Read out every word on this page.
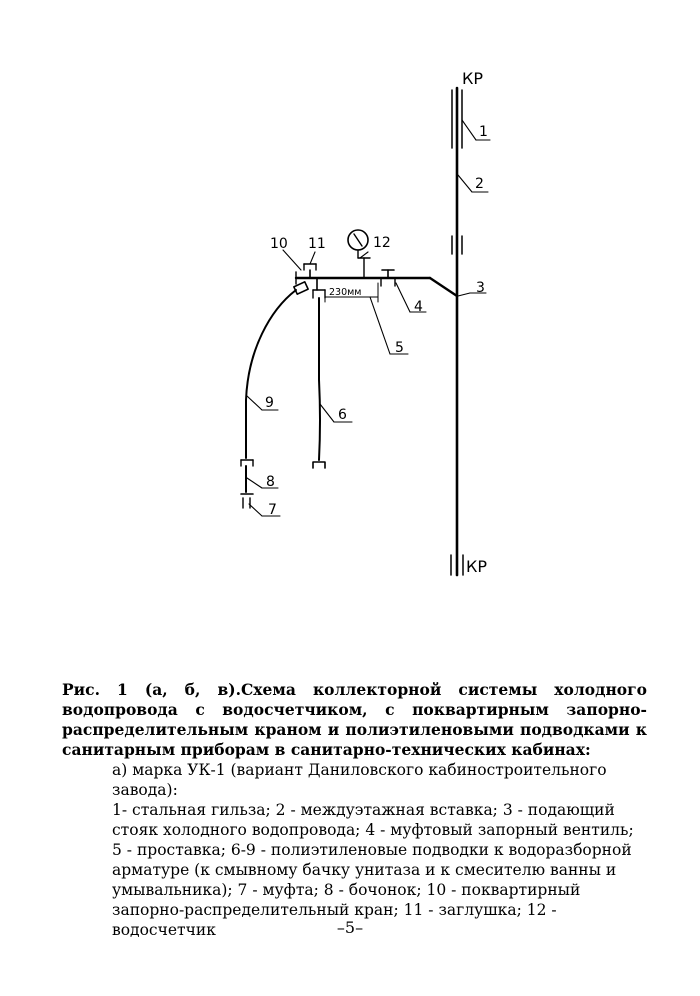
КР
КР
1
2
3
4
5
6
7
8
9
10 11	12
230мм
Рис. 1 (а, б, в).Схема коллекторной системы холодного водопровода с водосчетчиком, с поквартирным запорно-распределительным краном и полиэтиленовыми подводками к санитарным приборам в санитарно-технических кабинах:
а) марка УК-1 (вариант Даниловского кабиностроительного завода):
1- стальная гильза; 2 - междуэтажная вставка; 3 - подающий стояк холодного водопровода; 4 - муфтовый запорный вентиль; 5 - проставка; 6-9 - полиэтиленовые подводки к водоразборной арматуре (к смывному бачку унитаза и к смесителю ванны и умывальника); 7 - муфта; 8 - бочонок; 10 - поквартирный запорно-распределительный кран; 11 - заглушка; 12 - водосчетчик	–5–
